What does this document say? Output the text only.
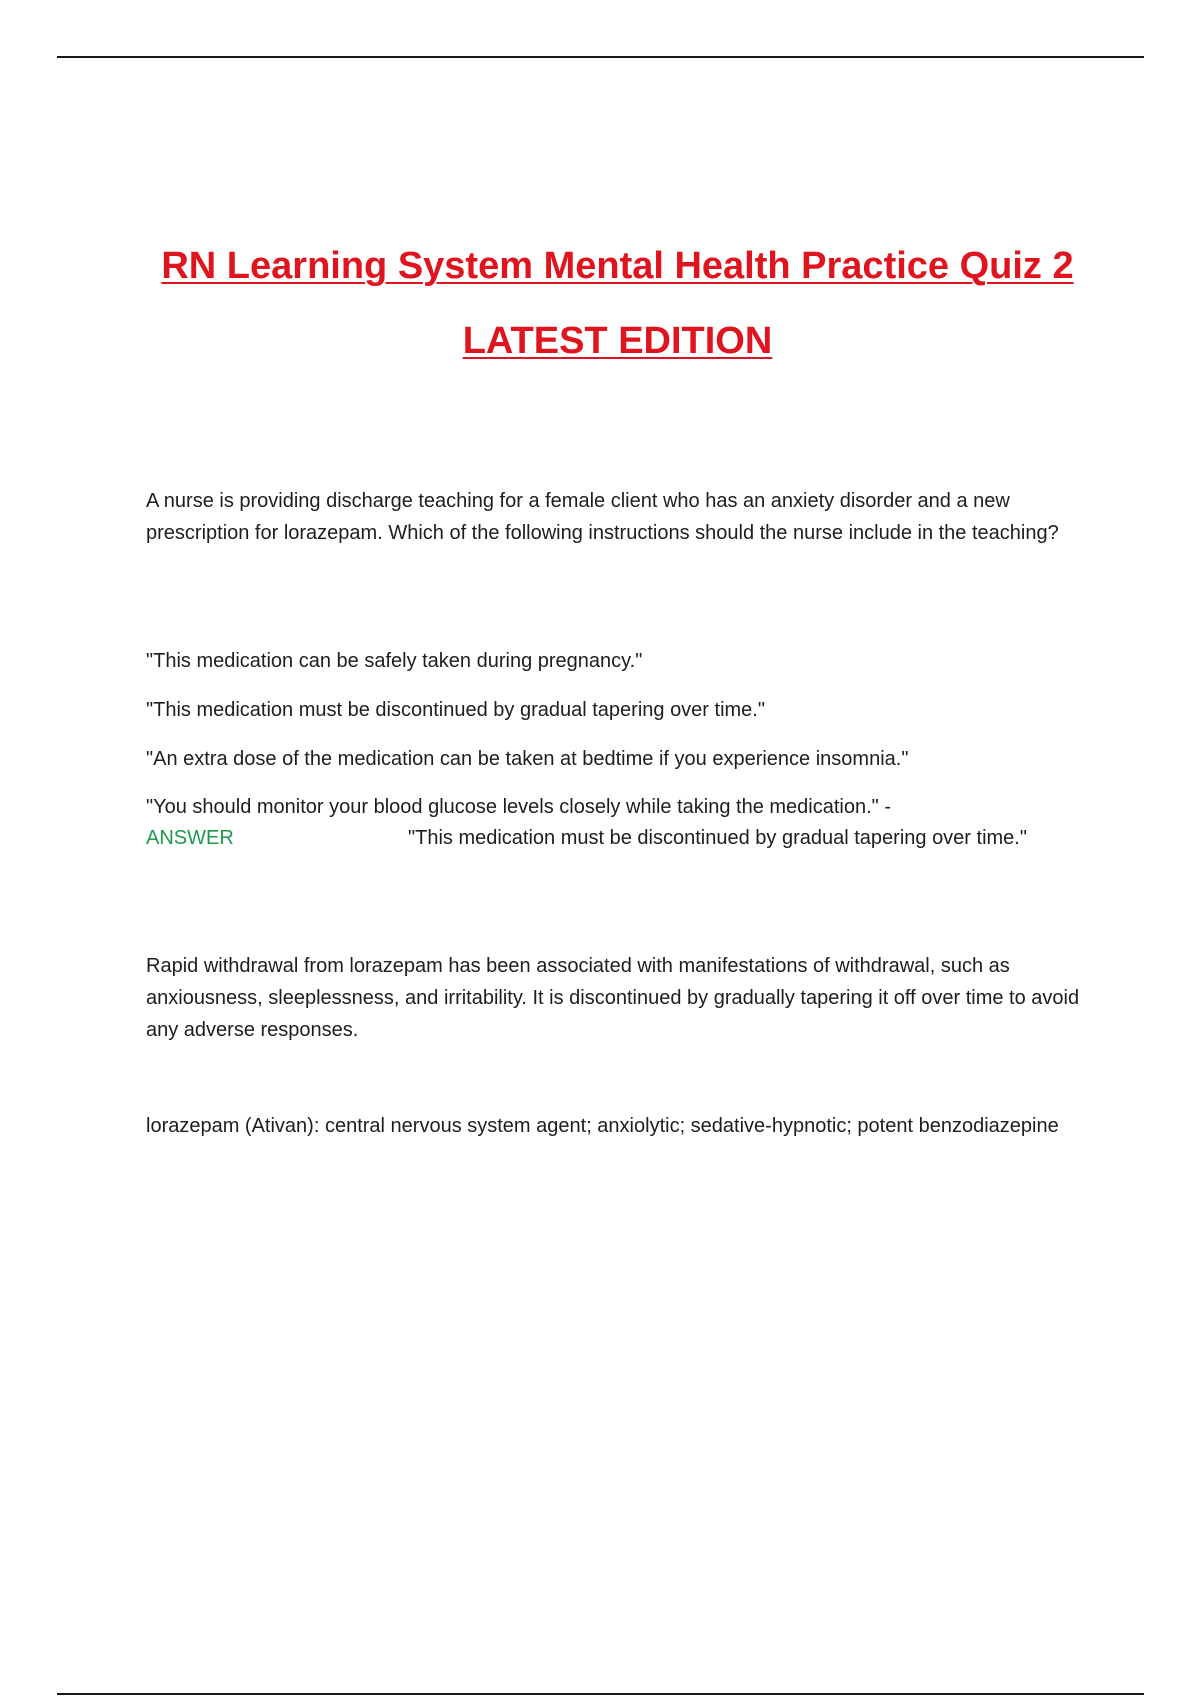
RN Learning System Mental Health Practice Quiz 2
LATEST EDITION

A nurse is providing discharge teaching for a female client who has an anxiety disorder and a new prescription for lorazepam. Which of the following instructions should the nurse include in the teaching?

"This medication can be safely taken during pregnancy."

"This medication must be discontinued by gradual tapering over time."

"An extra dose of the medication can be taken at bedtime if you experience insomnia."

"You should monitor your blood glucose levels closely while taking the medication." -
ANSWER	"This medication must be discontinued by gradual tapering over time."

Rapid withdrawal from lorazepam has been associated with manifestations of withdrawal, such as anxiousness, sleeplessness, and irritability. It is discontinued by gradually tapering it off over time to avoid any adverse responses.

lorazepam (Ativan): central nervous system agent; anxiolytic; sedative-hypnotic; potent benzodiazepine
